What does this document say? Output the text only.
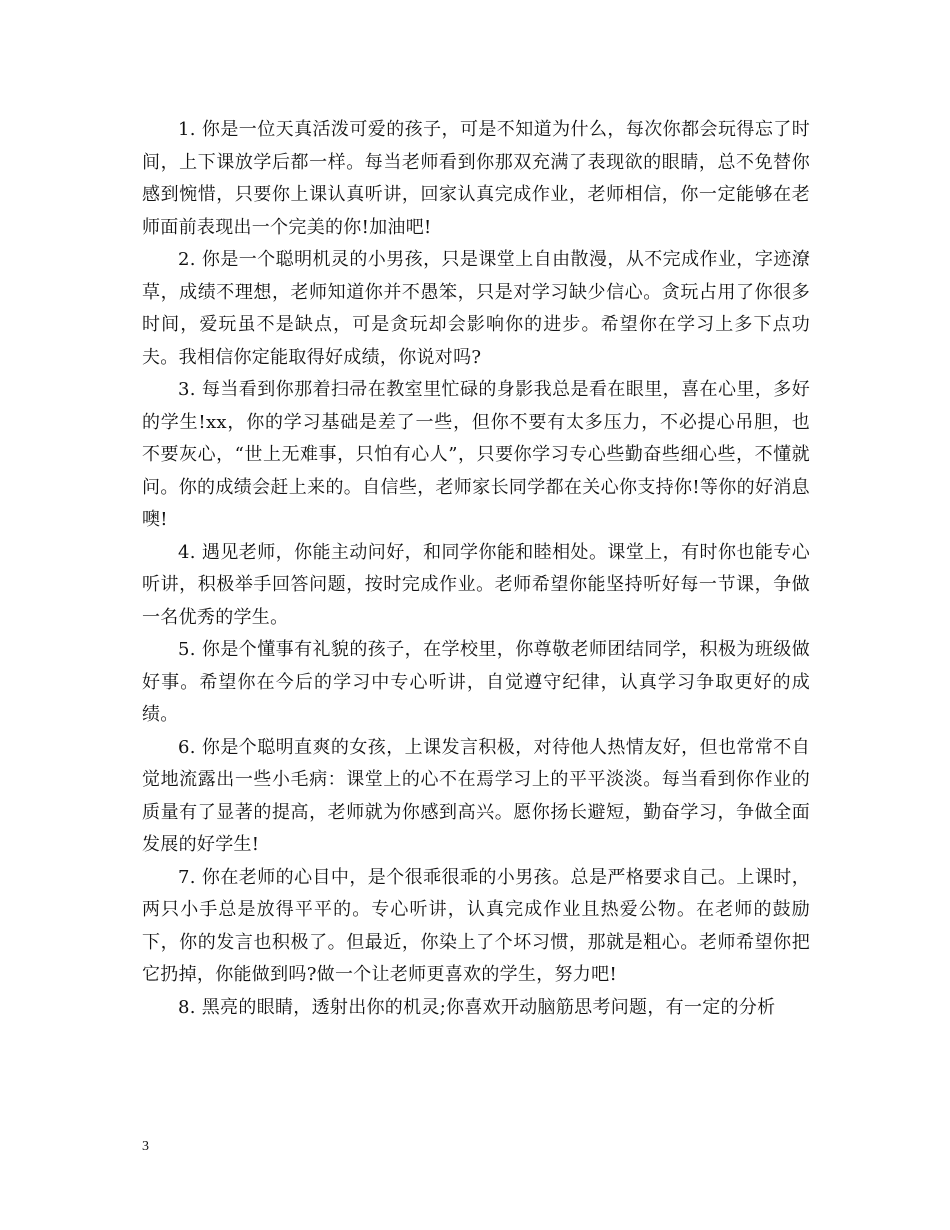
1. 你是一位天真活泼可爱的孩子，可是不知道为什么，每次你都会玩得忘了时间，上下课放学后都一样。每当老师看到你那双充满了表现欲的眼睛，总不免替你感到惋惜，只要你上课认真听讲，回家认真完成作业，老师相信，你一定能够在老师面前表现出一个完美的你!加油吧!

2. 你是一个聪明机灵的小男孩，只是课堂上自由散漫，从不完成作业，字迹潦草，成绩不理想，老师知道你并不愚笨，只是对学习缺少信心。贪玩占用了你很多时间，爱玩虽不是缺点，可是贪玩却会影响你的进步。希望你在学习上多下点功夫。我相信你定能取得好成绩，你说对吗?

3. 每当看到你那着扫帚在教室里忙碌的身影我总是看在眼里，喜在心里，多好的学生!xx，你的学习基础是差了一些，但你不要有太多压力，不必提心吊胆，也不要灰心，“世上无难事，只怕有心人”，只要你学习专心些勤奋些细心些，不懂就问。你的成绩会赶上来的。自信些，老师家长同学都在关心你支持你!等你的好消息噢!

4. 遇见老师，你能主动问好，和同学你能和睦相处。课堂上，有时你也能专心听讲，积极举手回答问题，按时完成作业。老师希望你能坚持听好每一节课，争做一名优秀的学生。

5. 你是个懂事有礼貌的孩子，在学校里，你尊敬老师团结同学，积极为班级做好事。希望你在今后的学习中专心听讲，自觉遵守纪律，认真学习争取更好的成绩。

6. 你是个聪明直爽的女孩，上课发言积极，对待他人热情友好，但也常常不自觉地流露出一些小毛病：课堂上的心不在焉学习上的平平淡淡。每当看到你作业的质量有了显著的提高，老师就为你感到高兴。愿你扬长避短，勤奋学习，争做全面发展的好学生!

7. 你在老师的心目中，是个很乖很乖的小男孩。总是严格要求自己。上课时，两只小手总是放得平平的。专心听讲，认真完成作业且热爱公物。在老师的鼓励下，你的发言也积极了。但最近，你染上了个坏习惯，那就是粗心。老师希望你把它扔掉，你能做到吗?做一个让老师更喜欢的学生，努力吧!

8. 黑亮的眼睛，透射出你的机灵;你喜欢开动脑筋思考问题，有一定的分析

3
